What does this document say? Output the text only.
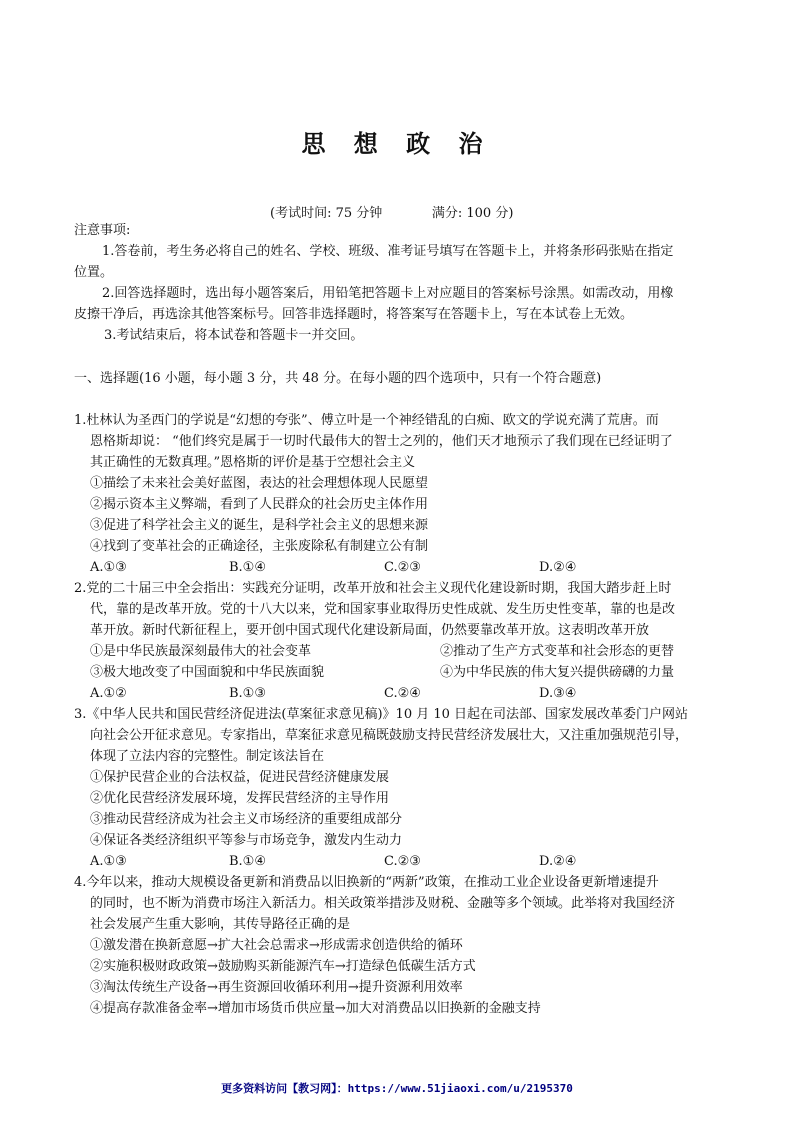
思 想 政 治
(考试时间: 75 分钟	满分: 100 分)
注意事项:
1.答卷前，考生务必将自己的姓名、学校、班级、准考证号填写在答题卡上，并将条形码张贴在指定
位置。
2.回答选择题时，选出每小题答案后，用铅笔把答题卡上对应题目的答案标号涂黑。如需改动，用橡
皮擦干净后，再选涂其他答案标号。回答非选择题时，将答案写在答题卡上，写在本试卷上无效。
3.考试结束后，将本试卷和答题卡一并交回。
一、选择题(16 小题，每小题 3 分，共 48 分。在每小题的四个选项中，只有一个符合题意)
1.杜林认为圣西门的学说是“幻想的夸张”、傅立叶是一个神经错乱的白痴、欧文的学说充满了荒唐。而
恩格斯却说： “他们终究是属于一切时代最伟大的智士之列的，他们天才地预示了我们现在已经证明了
其正确性的无数真理。”恩格斯的评价是基于空想社会主义
①描绘了未来社会美好蓝图，表达的社会理想体现人民愿望
②揭示资本主义弊端，看到了人民群众的社会历史主体作用
③促进了科学社会主义的诞生，是科学社会主义的思想来源
④找到了变革社会的正确途径，主张废除私有制建立公有制
A.①③	B.①④	C.②③	D.②④
2.党的二十届三中全会指出：实践充分证明，改革开放和社会主义现代化建设新时期，我国大踏步赶上时
代，靠的是改革开放。党的十八大以来，党和国家事业取得历史性成就、发生历史性变革，靠的也是改
革开放。新时代新征程上，要开创中国式现代化建设新局面，仍然要靠改革开放。这表明改革开放
①是中华民族最深刻最伟大的社会变革	②推动了生产方式变革和社会形态的更替
③极大地改变了中国面貌和中华民族面貌	④为中华民族的伟大复兴提供磅礴的力量
A.①②	B.①③	C.②④	D.③④
3.《中华人民共和国民营经济促进法(草案征求意见稿)》10 月 10 日起在司法部、国家发展改革委门户网站
向社会公开征求意见。专家指出，草案征求意见稿既鼓励支持民营经济发展壮大，又注重加强规范引导，
体现了立法内容的完整性。制定该法旨在
①保护民营企业的合法权益，促进民营经济健康发展
②优化民营经济发展环境，发挥民营经济的主导作用
③推动民营经济成为社会主义市场经济的重要组成部分
④保证各类经济组织平等参与市场竞争，激发内生动力
A.①③	B.①④	C.②③	D.②④
4.今年以来，推动大规模设备更新和消费品以旧换新的“两新”政策，在推动工业企业设备更新增速提升
的同时，也不断为消费市场注入新活力。相关政策举措涉及财税、金融等多个领域。此举将对我国经济
社会发展产生重大影响，其传导路径正确的是
①激发潜在换新意愿→扩大社会总需求→形成需求创造供给的循环
②实施积极财政政策→鼓励购买新能源汽车→打造绿色低碳生活方式
③淘汰传统生产设备→再生资源回收循环利用→提升资源利用效率
④提高存款准备金率→增加市场货币供应量→加大对消费品以旧换新的金融支持
更多资料访问【教习网】：https://www.51jiaoxi.com/u/2195370
